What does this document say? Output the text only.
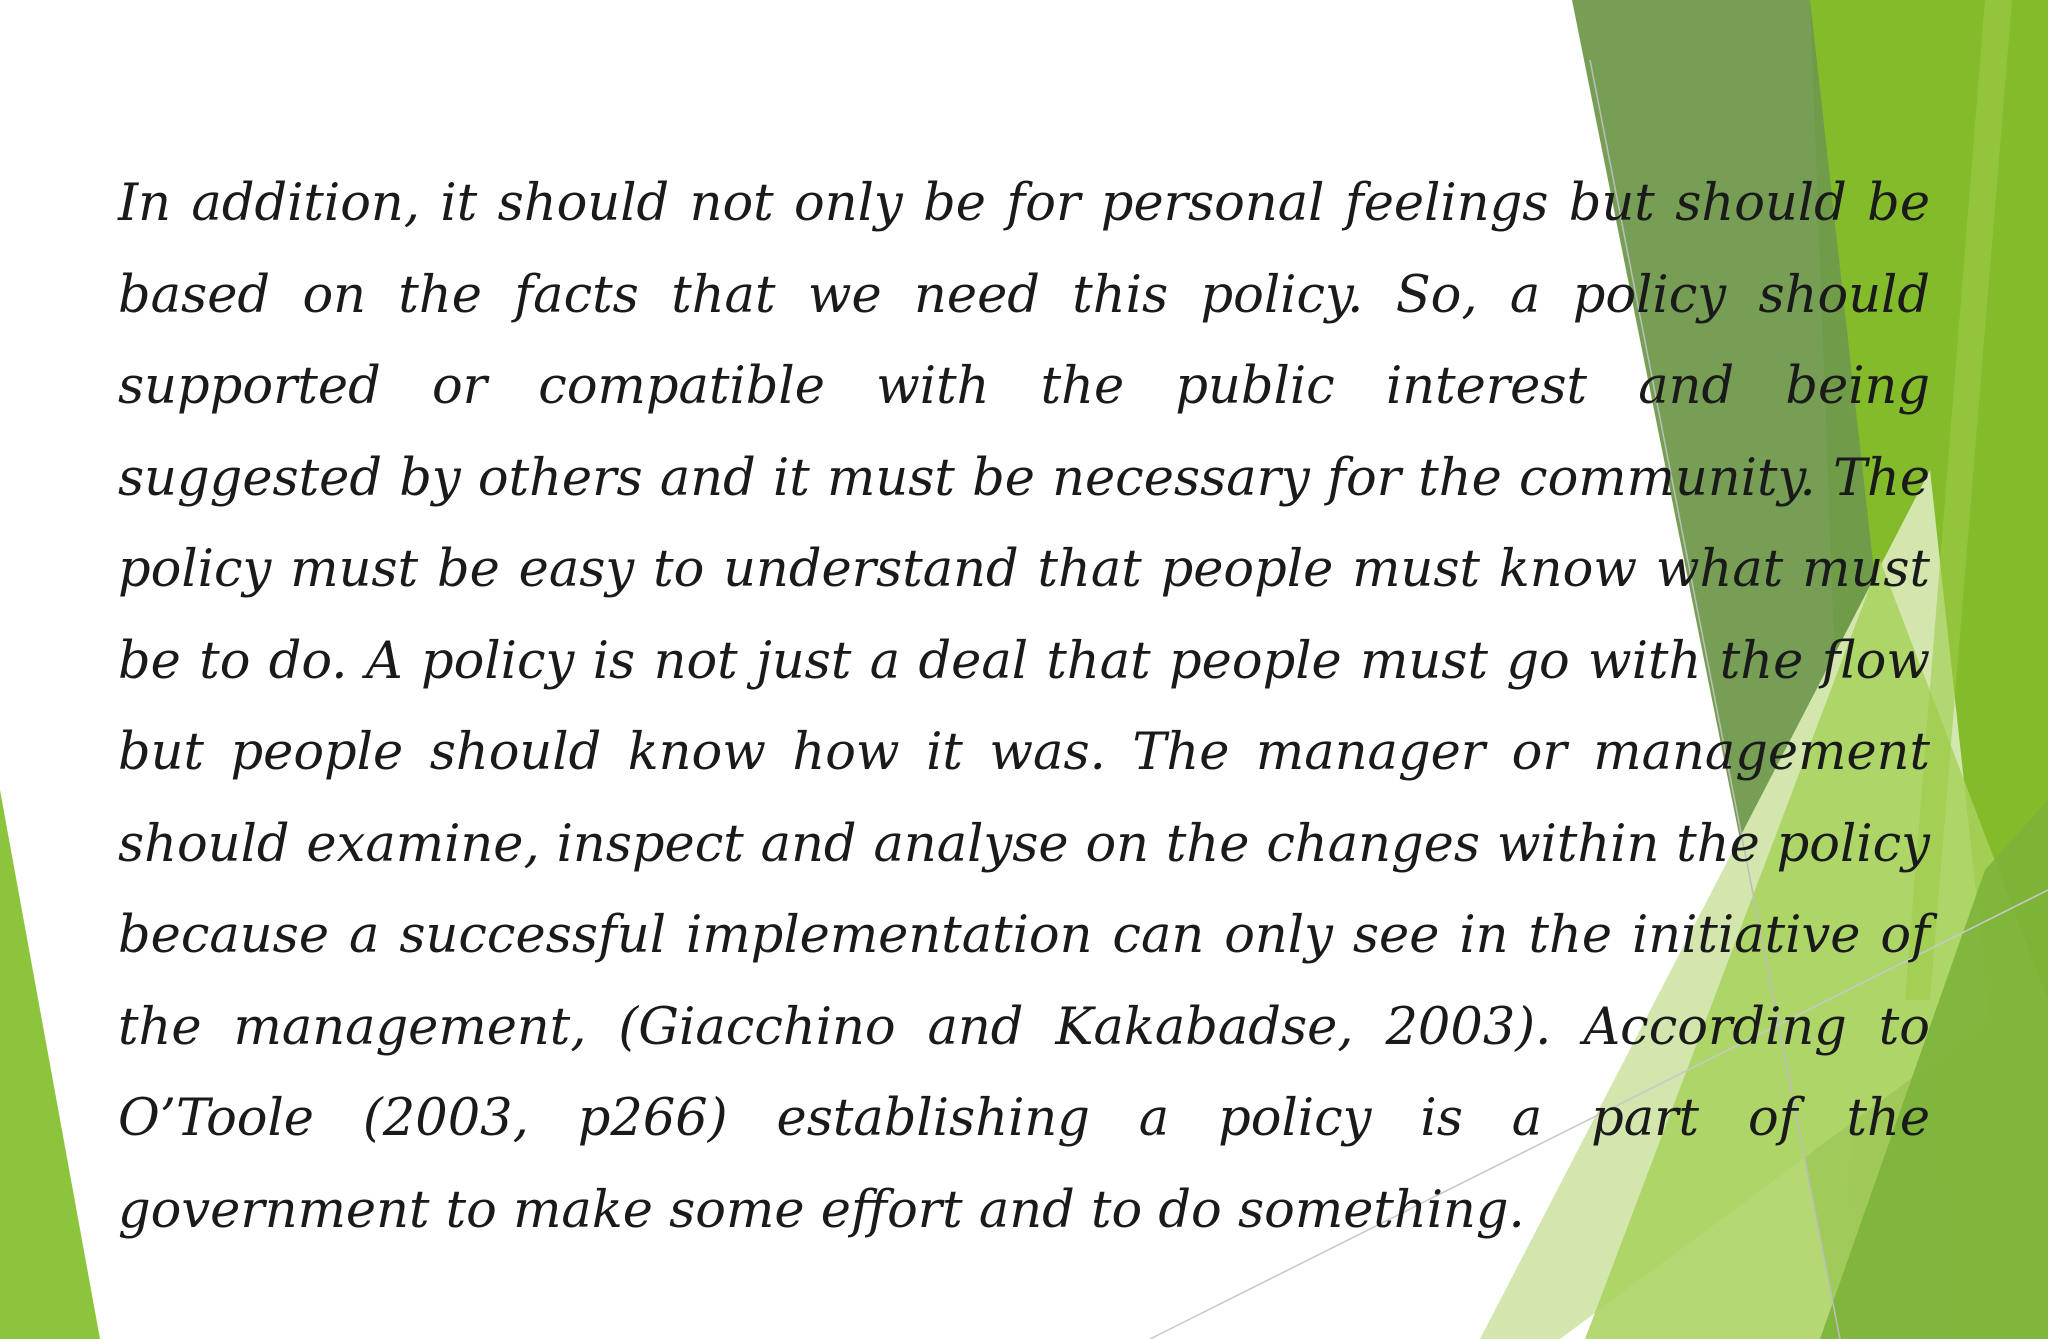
In addition, it should not only be for personal feelings but should be based on the facts that we need this policy. So, a policy should supported or compatible with the public interest and being suggested by others and it must be necessary for the community. The policy must be easy to understand that people must know what must be to do. A policy is not just a deal that people must go with the flow but people should know how it was. The manager or management should examine, inspect and analyse on the changes within the policy because a successful implementation can only see in the initiative of the management, (Giacchino and Kakabadse, 2003). According to O’Toole (2003, p266) establishing a policy is a part of the government to make some effort and to do something.
